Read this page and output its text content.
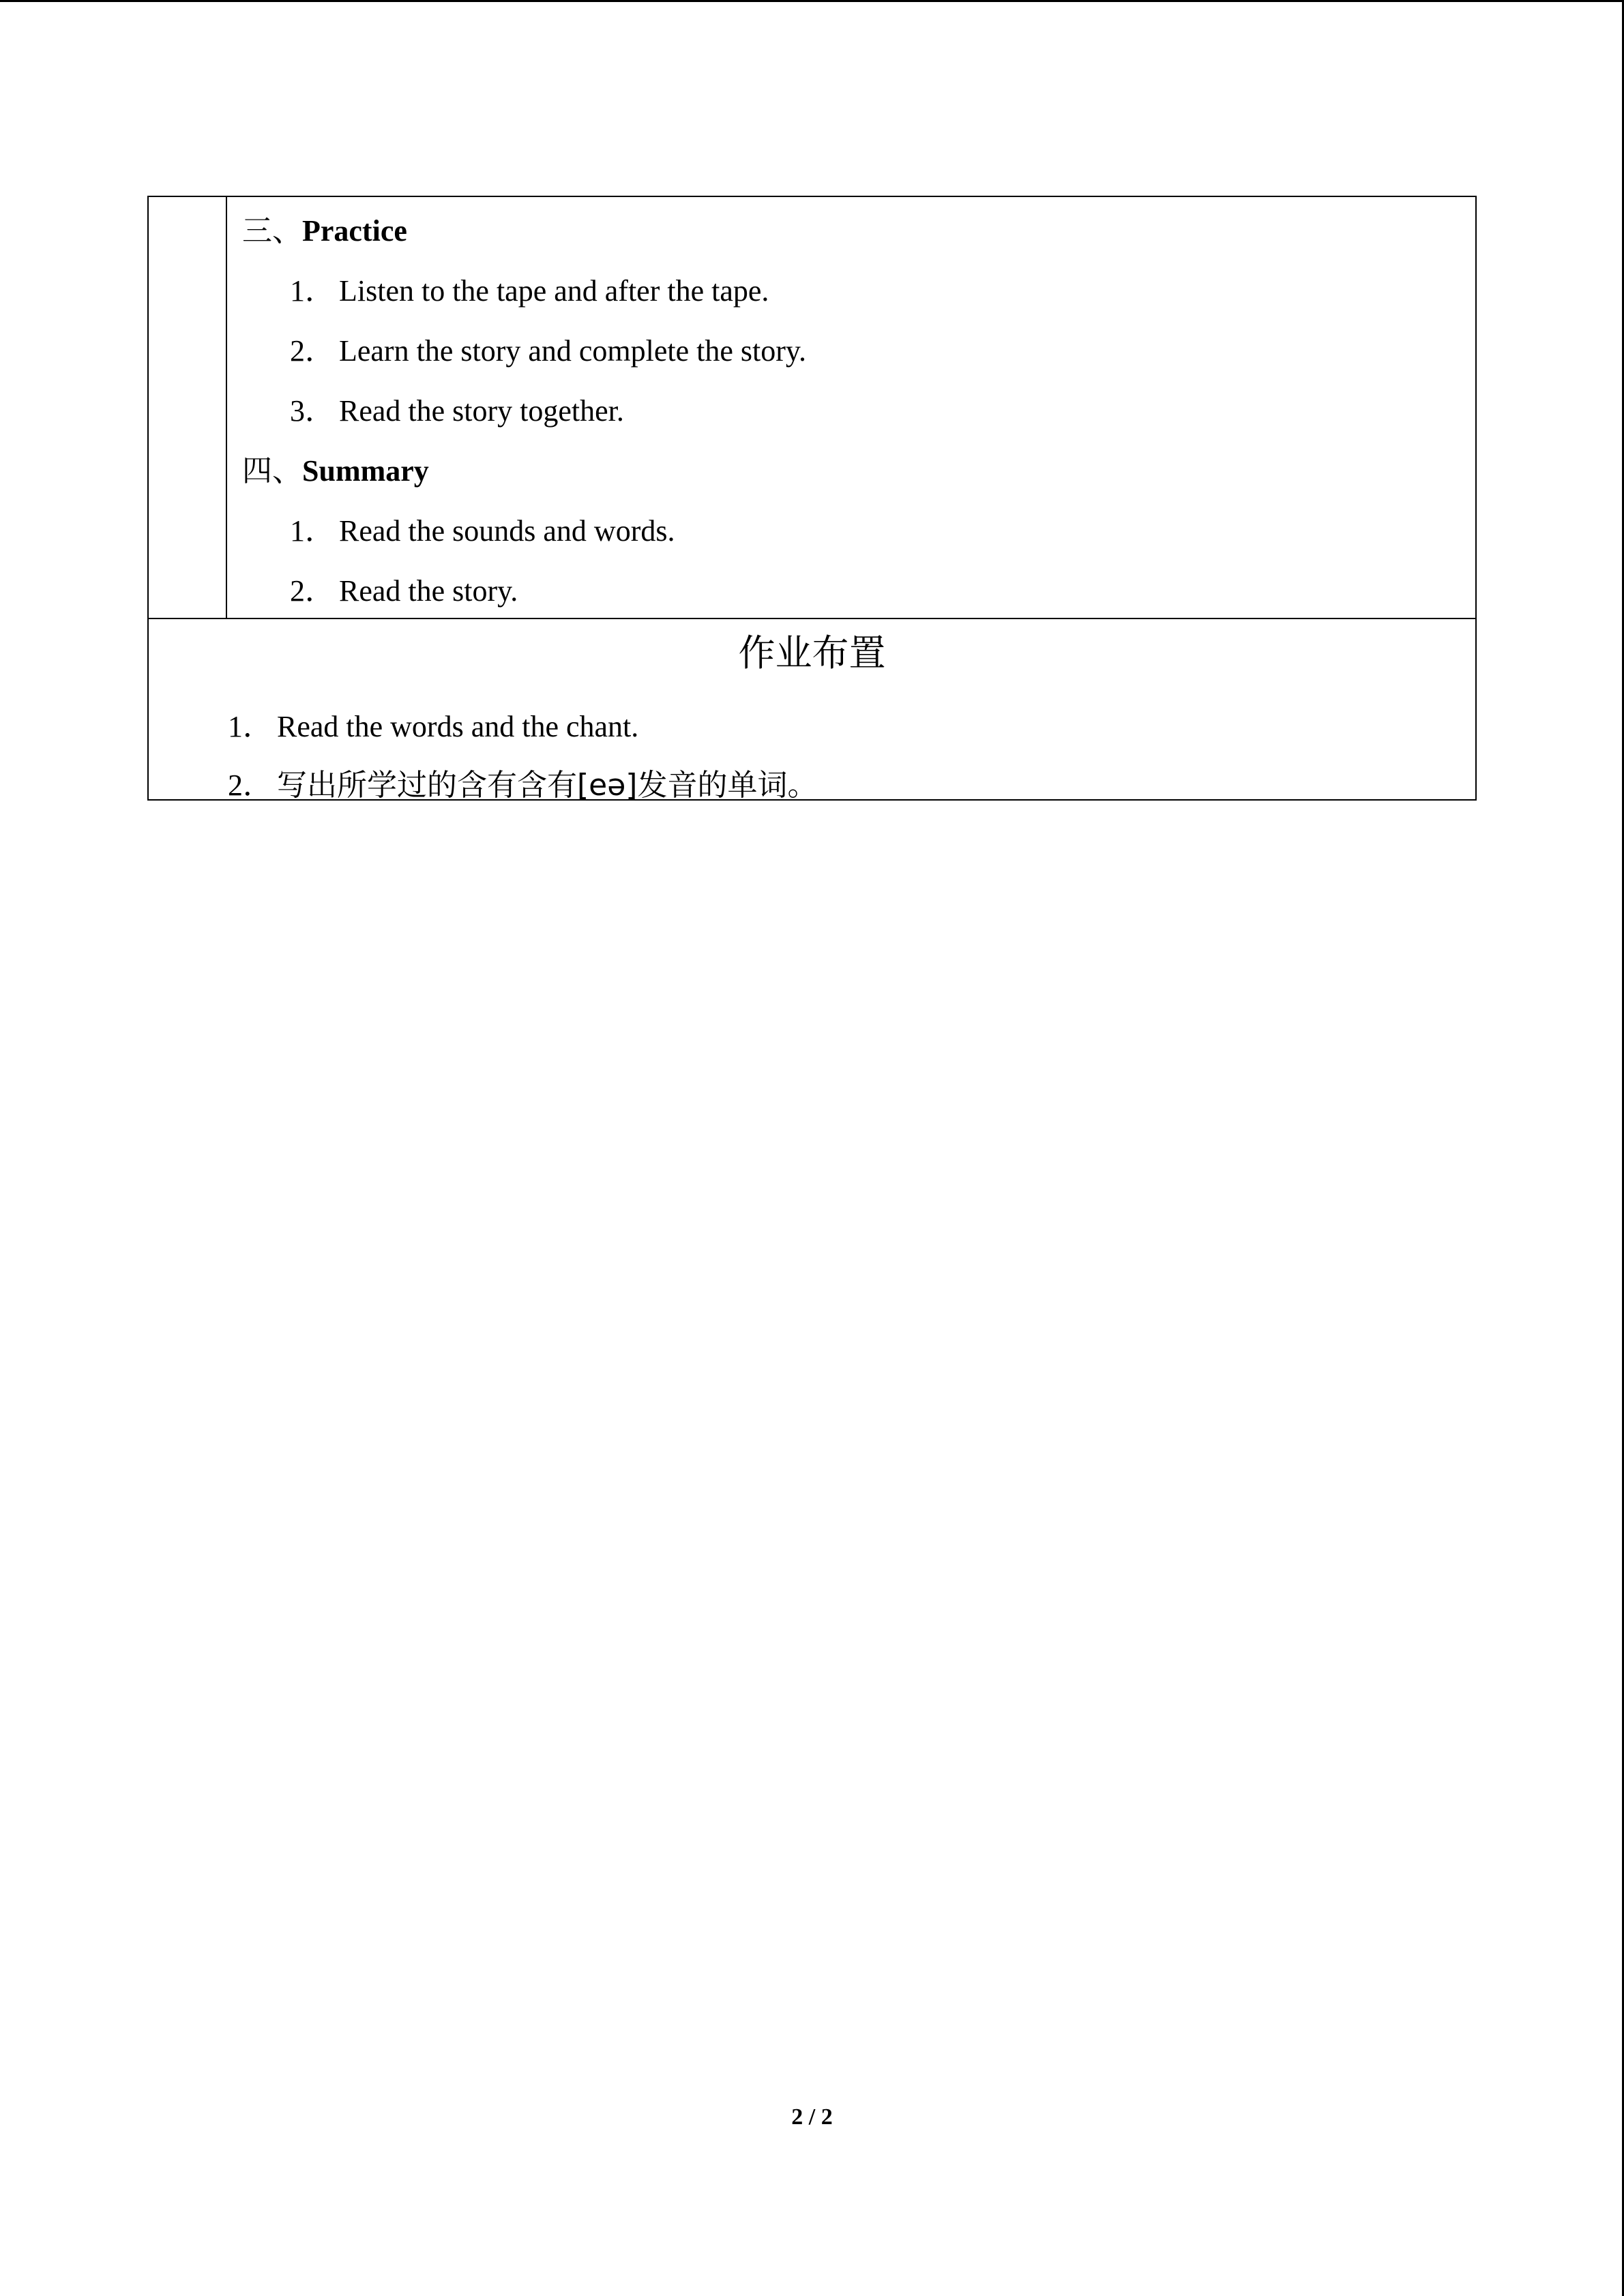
三、Practice
1． Listen to the tape and after the tape.
2． Learn the story and complete the story.
3． Read the story together.
四、Summary
1． Read the sounds and words.
2． Read the story.
作业布置
1． Read the words and the chant.
2． 写出所学过的含有含有[eə]发音的单词。
2 / 2
